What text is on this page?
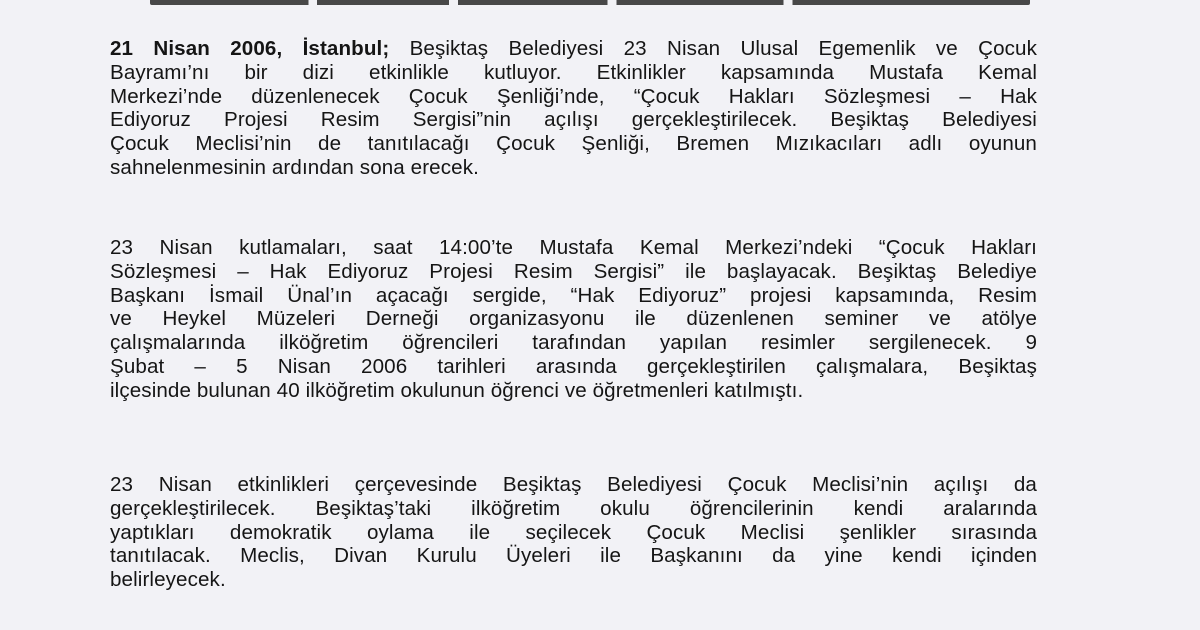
21 Nisan 2006, İstanbul; Beşiktaş Belediyesi 23 Nisan Ulusal Egemenlik ve Çocuk
Bayramı’nı bir dizi etkinlikle kutluyor. Etkinlikler kapsamında Mustafa Kemal
Merkezi’nde düzenlenecek Çocuk Şenliği’nde, “Çocuk Hakları Sözleşmesi – Hak
Ediyoruz Projesi Resim Sergisi”nin açılışı gerçekleştirilecek. Beşiktaş Belediyesi
Çocuk Meclisi’nin de tanıtılacağı Çocuk Şenliği, Bremen Mızıkacıları adlı oyunun
sahnelenmesinin ardından sona erecek.

23 Nisan kutlamaları, saat 14:00’te Mustafa Kemal Merkezi’ndeki “Çocuk Hakları
Sözleşmesi – Hak Ediyoruz Projesi Resim Sergisi” ile başlayacak. Beşiktaş Belediye
Başkanı İsmail Ünal’ın açacağı sergide, “Hak Ediyoruz” projesi kapsamında, Resim
ve Heykel Müzeleri Derneği organizasyonu ile düzenlenen seminer ve atölye
çalışmalarında ilköğretim öğrencileri tarafından yapılan resimler sergilenecek. 9
Şubat – 5 Nisan 2006 tarihleri arasında gerçekleştirilen çalışmalara, Beşiktaş
ilçesinde bulunan 40 ilköğretim okulunun öğrenci ve öğretmenleri katılmıştı.

23 Nisan etkinlikleri çerçevesinde Beşiktaş Belediyesi Çocuk Meclisi’nin açılışı da
gerçekleştirilecek. Beşiktaş’taki ilköğretim okulu öğrencilerinin kendi aralarında
yaptıkları demokratik oylama ile seçilecek Çocuk Meclisi şenlikler sırasında
tanıtılacak. Meclis, Divan Kurulu Üyeleri ile Başkanını da yine kendi içinden
belirleyecek.
